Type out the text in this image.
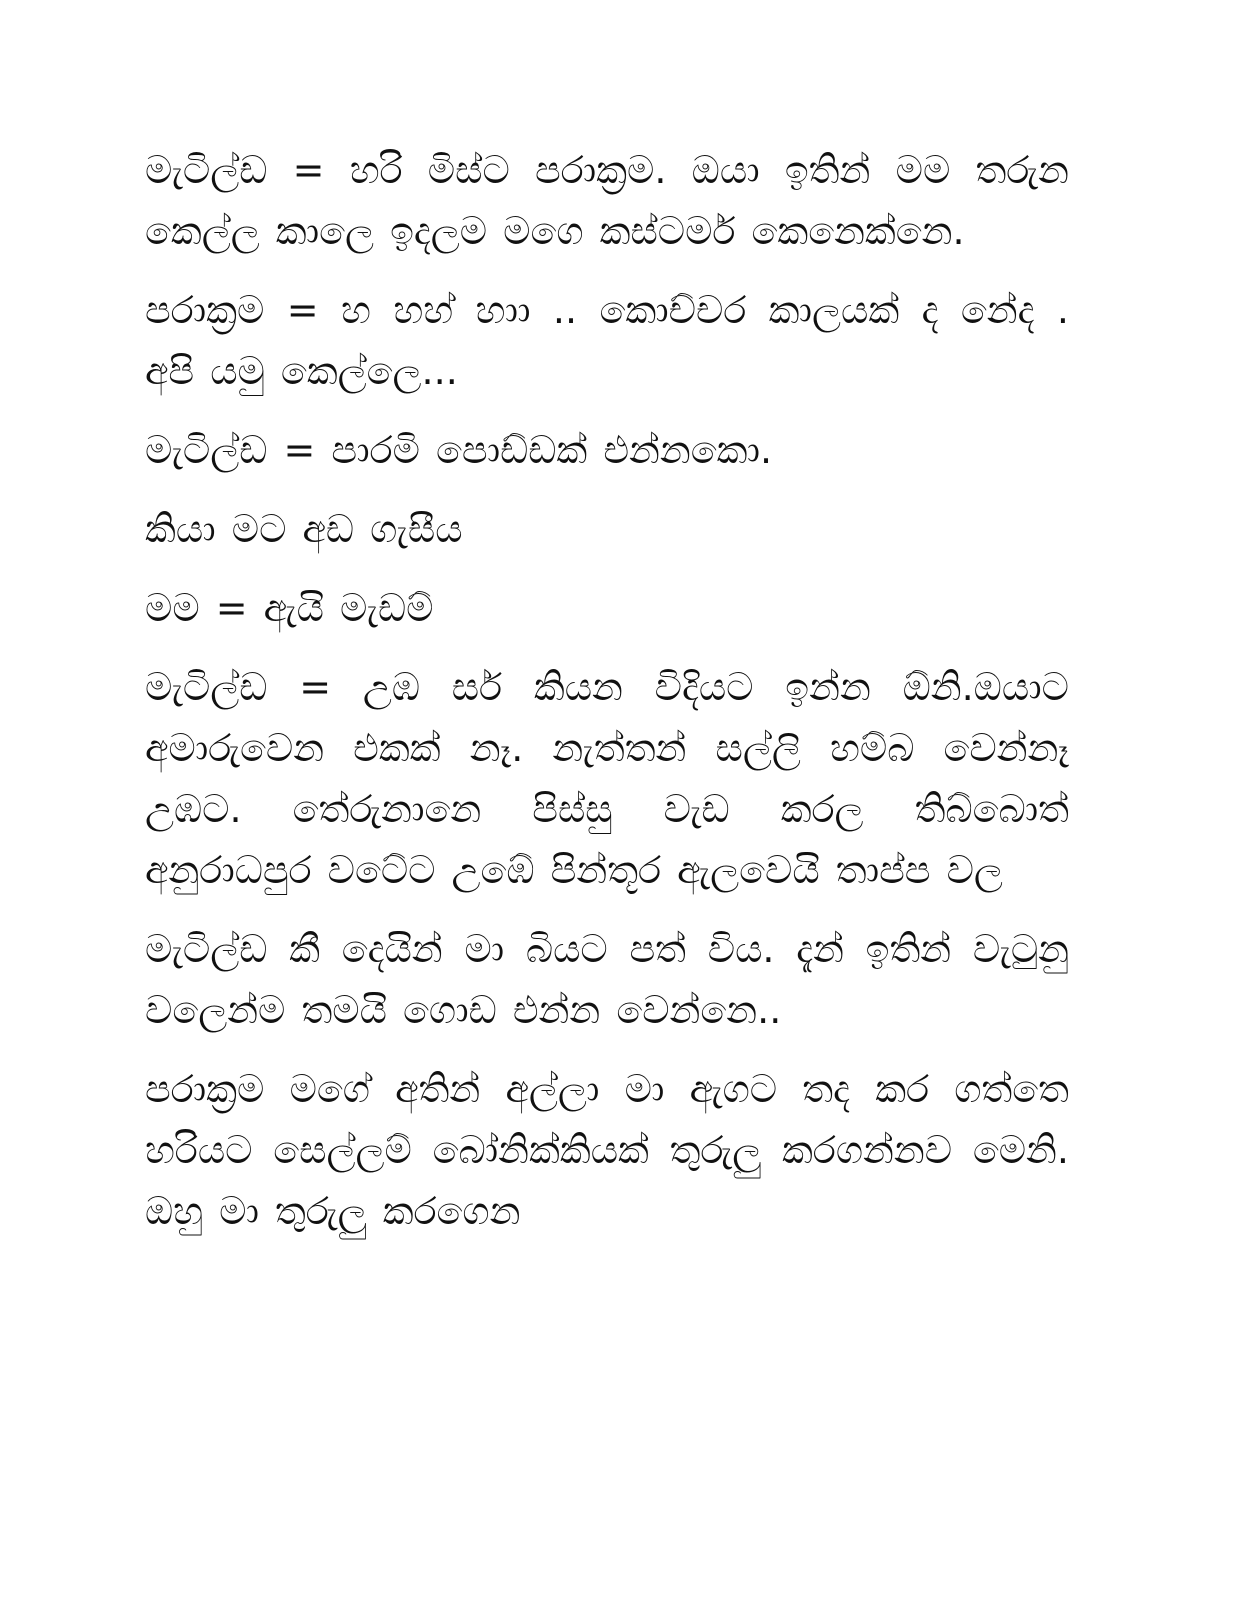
මැටිල්ඩ = හරි මිස්ට පරාක්‍රම. ඔයා ඉතින් මම තරුන කෙල්ල කාලෙ ඉදලම මගෙ කස්ටමර් කෙනෙක්නෙ.

පරාක්‍රම = හ හහ් හාා .. කොච්චර කාලයක් ද නේද . අපි යමු කෙල්ලෙ...

මැටිල්ඩ = පාරමි පොඩ්ඩක් එන්නකො.

කියා මට අඩ ගැසීය

මම = ඇයි මැඩම්

මැටිල්ඩ = උඹ සර් කියන විදියට ඉන්න ඕනි.ඔයාට අමාරුවෙන එකක් නෑ. නැත්තන් සල්ලි හම්බ වෙන්නෑ උඹට. තේරුනානෙ පිස්සු වැඩ කරල තිබ්බොත් අනුරාධපුර වටේට උඹේ පින්තූර ඇලවෙයි තාප්ප වල

මැටිල්ඩ කී දෙයින් මා බියට පත් විය. දැන් ඉතින් වැටුනු වලෙන්ම තමයි ගොඩ එන්න වෙන්නෙ..

පරාක්‍රම මගේ අතින් අල්ලා මා ඇගට තද කර ගත්තෙ හරියට සෙල්ලම් බෝනික්කියක් තුරුලු කරගන්නව මෙනි. ඔහු මා තුරුලු කරගෙන
